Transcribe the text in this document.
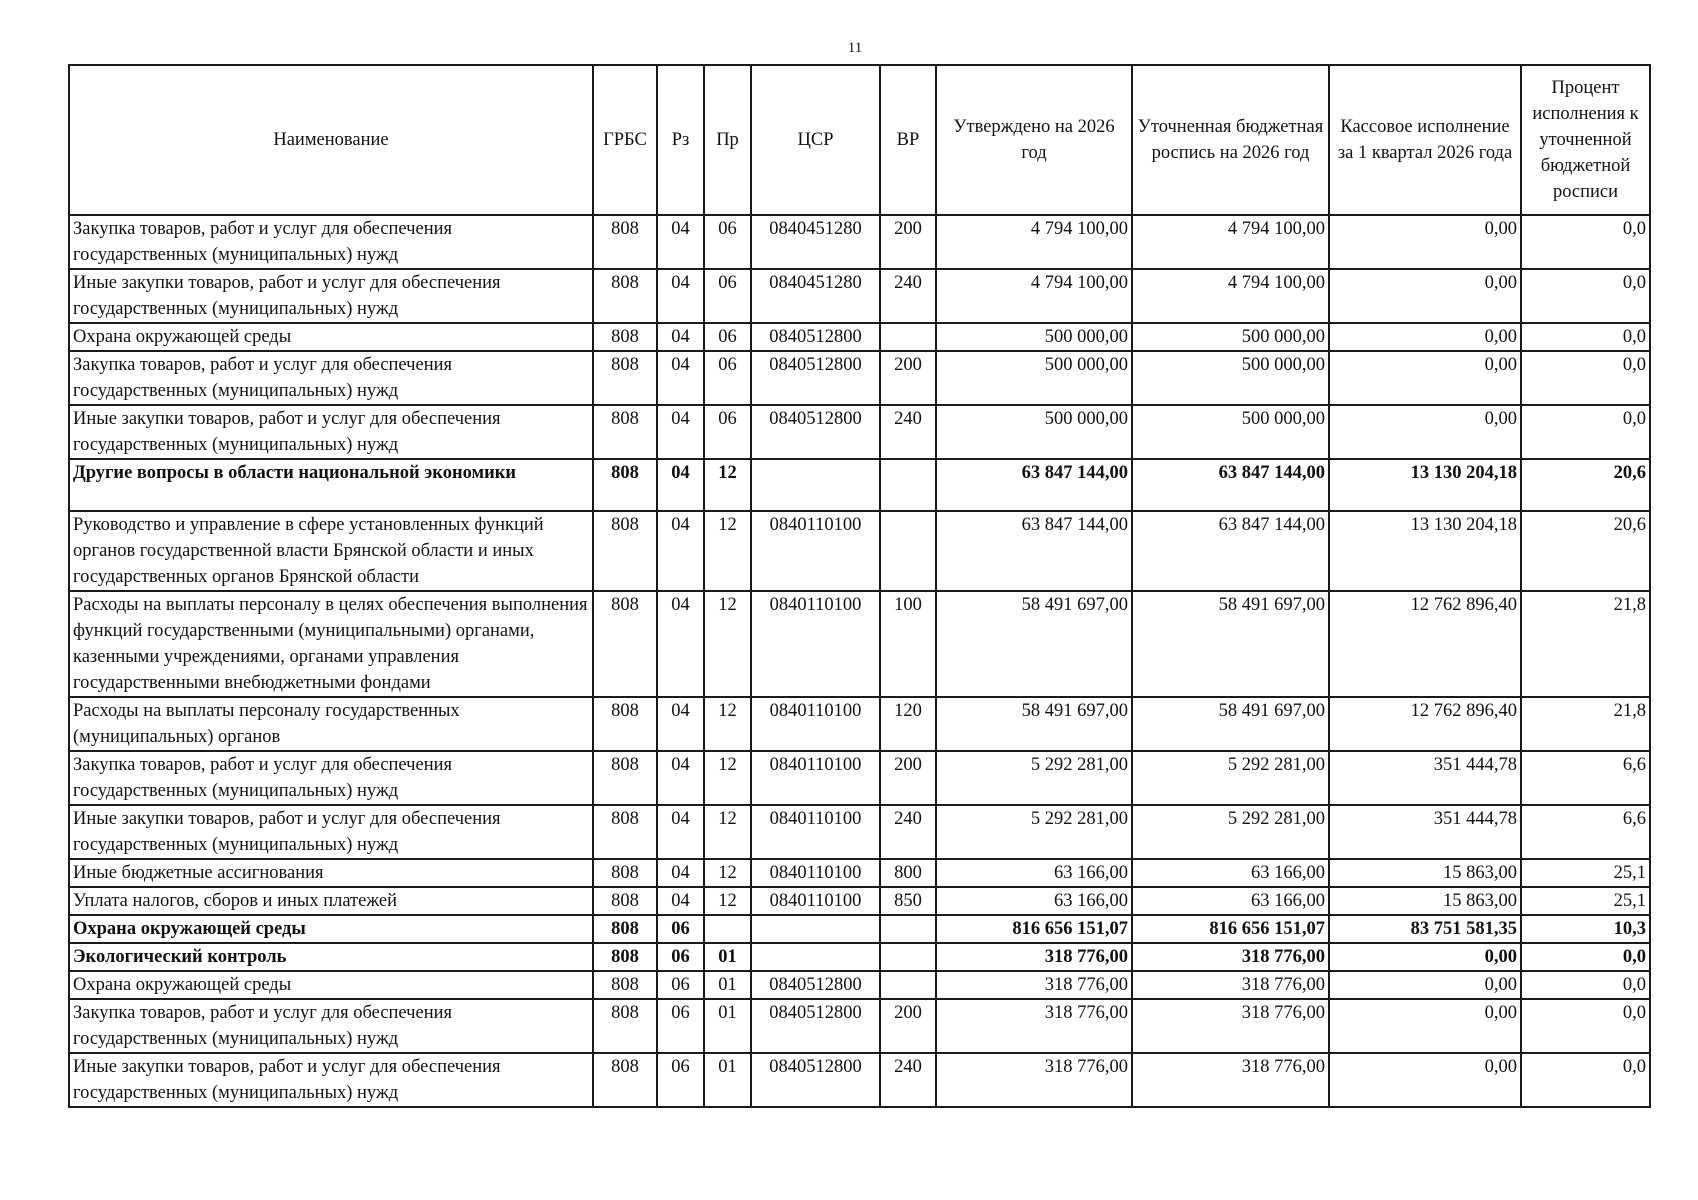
11
Наименование	ГРБС	Рз	Пр	ЦСР	ВР	Утверждено на 2026 год	Уточненная бюджетная роспись на 2026 год	Кассовое исполнение за 1 квартал 2026 года	Процент исполнения к уточненной бюджетной росписи
Закупка товаров, работ и услуг для обеспечения государственных (муниципальных) нужд	808	04	06	0840451280	200	4 794 100,00	4 794 100,00	0,00	0,0
Иные закупки товаров, работ и услуг для обеспечения государственных (муниципальных) нужд	808	04	06	0840451280	240	4 794 100,00	4 794 100,00	0,00	0,0
Охрана окружающей среды	808	04	06	0840512800		500 000,00	500 000,00	0,00	0,0
Закупка товаров, работ и услуг для обеспечения государственных (муниципальных) нужд	808	04	06	0840512800	200	500 000,00	500 000,00	0,00	0,0
Иные закупки товаров, работ и услуг для обеспечения государственных (муниципальных) нужд	808	04	06	0840512800	240	500 000,00	500 000,00	0,00	0,0
Другие вопросы в области национальной экономики	808	04	12			63 847 144,00	63 847 144,00	13 130 204,18	20,6
Руководство и управление в сфере установленных функций органов государственной власти Брянской области и иных государственных органов Брянской области	808	04	12	0840110100		63 847 144,00	63 847 144,00	13 130 204,18	20,6
Расходы на выплаты персоналу в целях обеспечения выполнения функций государственными (муниципальными) органами, казенными учреждениями, органами управления государственными внебюджетными фондами	808	04	12	0840110100	100	58 491 697,00	58 491 697,00	12 762 896,40	21,8
Расходы на выплаты персоналу государственных (муниципальных) органов	808	04	12	0840110100	120	58 491 697,00	58 491 697,00	12 762 896,40	21,8
Закупка товаров, работ и услуг для обеспечения государственных (муниципальных) нужд	808	04	12	0840110100	200	5 292 281,00	5 292 281,00	351 444,78	6,6
Иные закупки товаров, работ и услуг для обеспечения государственных (муниципальных) нужд	808	04	12	0840110100	240	5 292 281,00	5 292 281,00	351 444,78	6,6
Иные бюджетные ассигнования	808	04	12	0840110100	800	63 166,00	63 166,00	15 863,00	25,1
Уплата налогов, сборов и иных платежей	808	04	12	0840110100	850	63 166,00	63 166,00	15 863,00	25,1
Охрана окружающей среды	808	06				816 656 151,07	816 656 151,07	83 751 581,35	10,3
Экологический контроль	808	06	01			318 776,00	318 776,00	0,00	0,0
Охрана окружающей среды	808	06	01	0840512800		318 776,00	318 776,00	0,00	0,0
Закупка товаров, работ и услуг для обеспечения государственных (муниципальных) нужд	808	06	01	0840512800	200	318 776,00	318 776,00	0,00	0,0
Иные закупки товаров, работ и услуг для обеспечения государственных (муниципальных) нужд	808	06	01	0840512800	240	318 776,00	318 776,00	0,00	0,0
